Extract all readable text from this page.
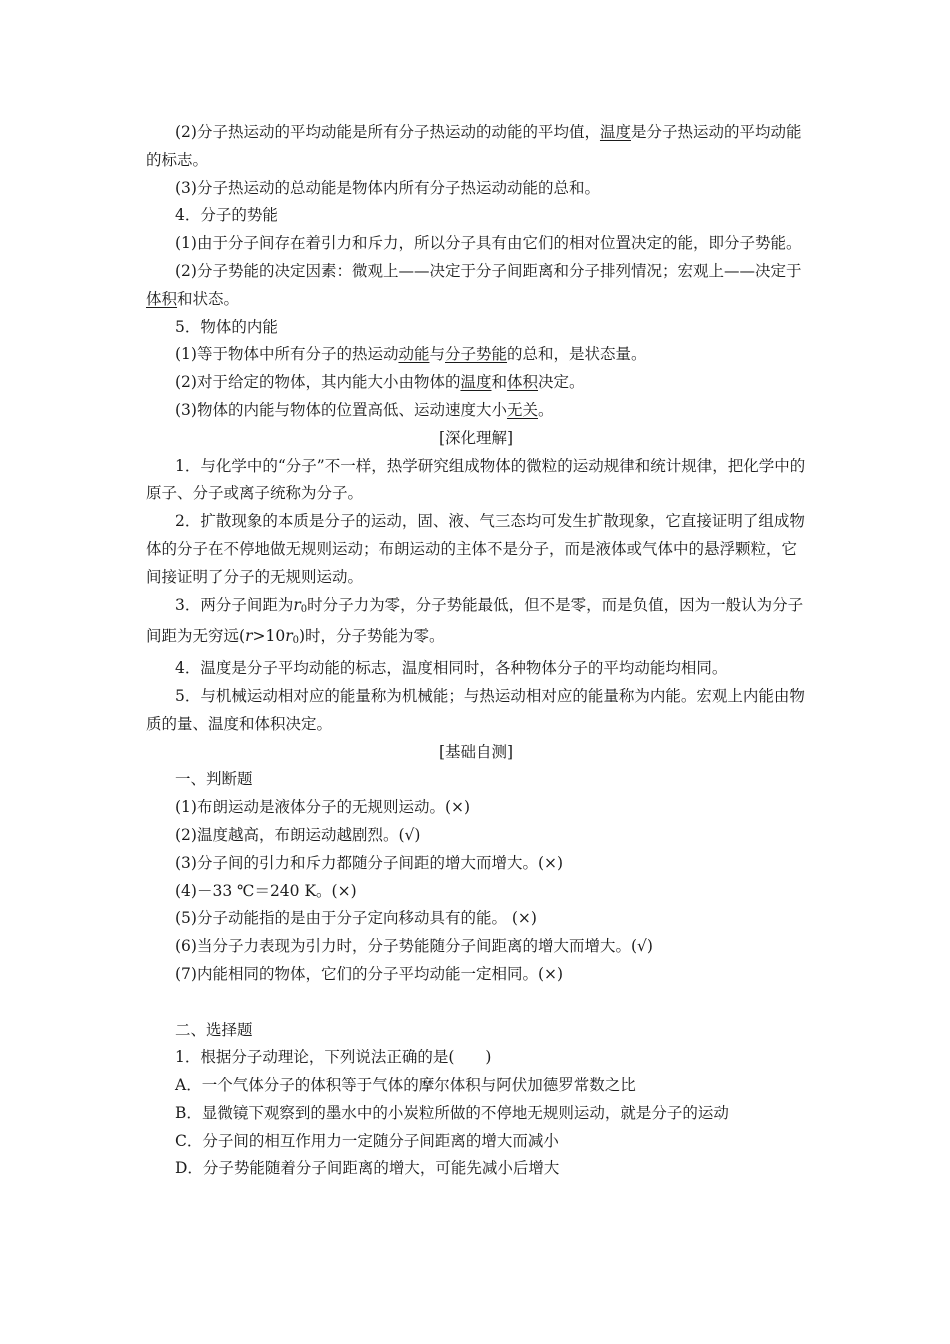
(2)分子热运动的平均动能是所有分子热运动的动能的平均值，温度是分子热运动的平均动能的标志。

(3)分子热运动的总动能是物体内所有分子热运动动能的总和。

4．分子的势能

(1)由于分子间存在着引力和斥力，所以分子具有由它们的相对位置决定的能，即分子势能。

(2)分子势能的决定因素：微观上——决定于分子间距离和分子排列情况；宏观上——决定于体积和状态。

5．物体的内能

(1)等于物体中所有分子的热运动动能与分子势能的总和，是状态量。

(2)对于给定的物体，其内能大小由物体的温度和体积决定。

(3)物体的内能与物体的位置高低、运动速度大小无关。

[深化理解]

1．与化学中的“分子”不一样，热学研究组成物体的微粒的运动规律和统计规律，把化学中的原子、分子或离子统称为分子。

2．扩散现象的本质是分子的运动，固、液、气三态均可发生扩散现象，它直接证明了组成物体的分子在不停地做无规则运动；布朗运动的主体不是分子，而是液体或气体中的悬浮颗粒，它间接证明了分子的无规则运动。

3．两分子间距为$r_0$时分子力为零，分子势能最低，但不是零，而是负值，因为一般认为分子间距为无穷远$(r>10r_0)$时，分子势能为零。

4．温度是分子平均动能的标志，温度相同时，各种物体分子的平均动能均相同。

5．与机械运动相对应的能量称为机械能；与热运动相对应的能量称为内能。宏观上内能由物质的量、温度和体积决定。

[基础自测]

一、判断题

(1)布朗运动是液体分子的无规则运动。(×)

(2)温度越高，布朗运动越剧烈。(√)

(3)分子间的引力和斥力都随分子间距的增大而增大。(×)

(4)－33 ℃＝240 K。(×)

(5)分子动能指的是由于分子定向移动具有的能。 (×)

(6)当分子力表现为引力时，分子势能随分子间距离的增大而增大。(√)

(7)内能相同的物体，它们的分子平均动能一定相同。(×)

二、选择题

1．根据分子动理论，下列说法正确的是(　　)

A．一个气体分子的体积等于气体的摩尔体积与阿伏加德罗常数之比

B．显微镜下观察到的墨水中的小炭粒所做的不停地无规则运动，就是分子的运动

C．分子间的相互作用力一定随分子间距离的增大而减小

D．分子势能随着分子间距离的增大，可能先减小后增大
